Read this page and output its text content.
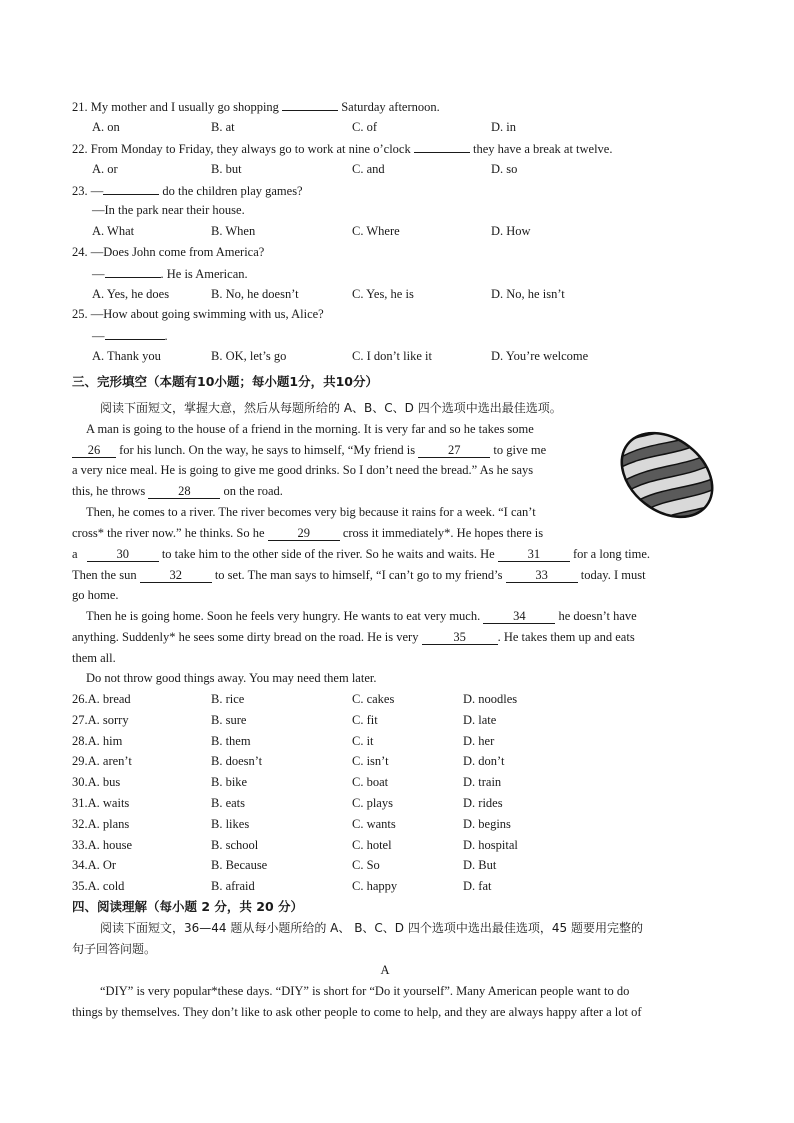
21. My mother and I usually go shopping	Saturday afternoon.
A. on	B. at	C. of	D. in
22. From Monday to Friday, they always go to work at nine o’clock	they have a break at twelve.
A. or	B. but	C. and	D. so
23. —	do the children play games?
—In the park near their house.
A. What	B. When	C. Where	D. How
24. —Does John come from America?
—	. He is American.
A. Yes, he does	B. No, he doesn’t	C. Yes, he is	D. No, he isn’t
25. —How about going swimming with us, Alice?
—	.
A. Thank you	B. OK, let’s go	C. I don’t like it	D. You’re welcome
三、完形填空（本题有10小题；每小题1分，共10分）
阅读下面短文，掌握大意，然后从每题所给的 A、B、C、D 四个选项中选出最佳选项。
A man is going to the house of a friend in the morning. It is very far and so he takes some
26 for his lunch. On the way, he says to himself, “My friend is	27	to give me
a very nice meal. He is going to give me good drinks. So I don’t need the bread.” As he says
this, he throws	28	on the road.
Then, he comes to a river. The river becomes very big because it rains for a week. “I can’t
cross* the river now.” he thinks. So he	29	cross it immediately*. He hopes there is
a	30	to take him to the other side of the river. So he waits and waits. He	31	for a long time.
Then the sun	32	to set. The man says to himself, “I can’t go to my friend’s	33	today. I must
go home.
Then he is going home. Soon he feels very hungry. He wants to eat very much.	34	he doesn’t have
anything. Suddenly* he sees some dirty bread on the road. He is very	35	. He takes them up and eats
them all.
Do not throw good things away. You may need them later.
26.A. bread	B. rice	C. cakes	D. noodles
27.A. sorry	B. sure	C. fit	D. late
28.A. him	B. them	C. it	D. her
29.A. aren’t	B. doesn’t	C. isn’t	D. don’t
30.A. bus	B. bike	C. boat	D. train
31.A. waits	B. eats	C. plays	D. rides
32.A. plans	B. likes	C. wants	D. begins
33.A. house	B. school	C. hotel	D. hospital
34.A. Or	B. Because	C. So	D. But
35.A. cold	B. afraid	C. happy	D. fat
四、阅读理解（每小题 2 分，共 20 分）
阅读下面短文，36—44 题从每小题所给的 A、 B、C、D 四个选项中选出最佳选项，45 题要用完整的
句子回答问题。
A
“DIY” is very popular*these days. “DIY” is short for “Do it yourself”. Many American people want to do
things by themselves. They don’t like to ask other people to come to help, and they are always happy after a lot of
